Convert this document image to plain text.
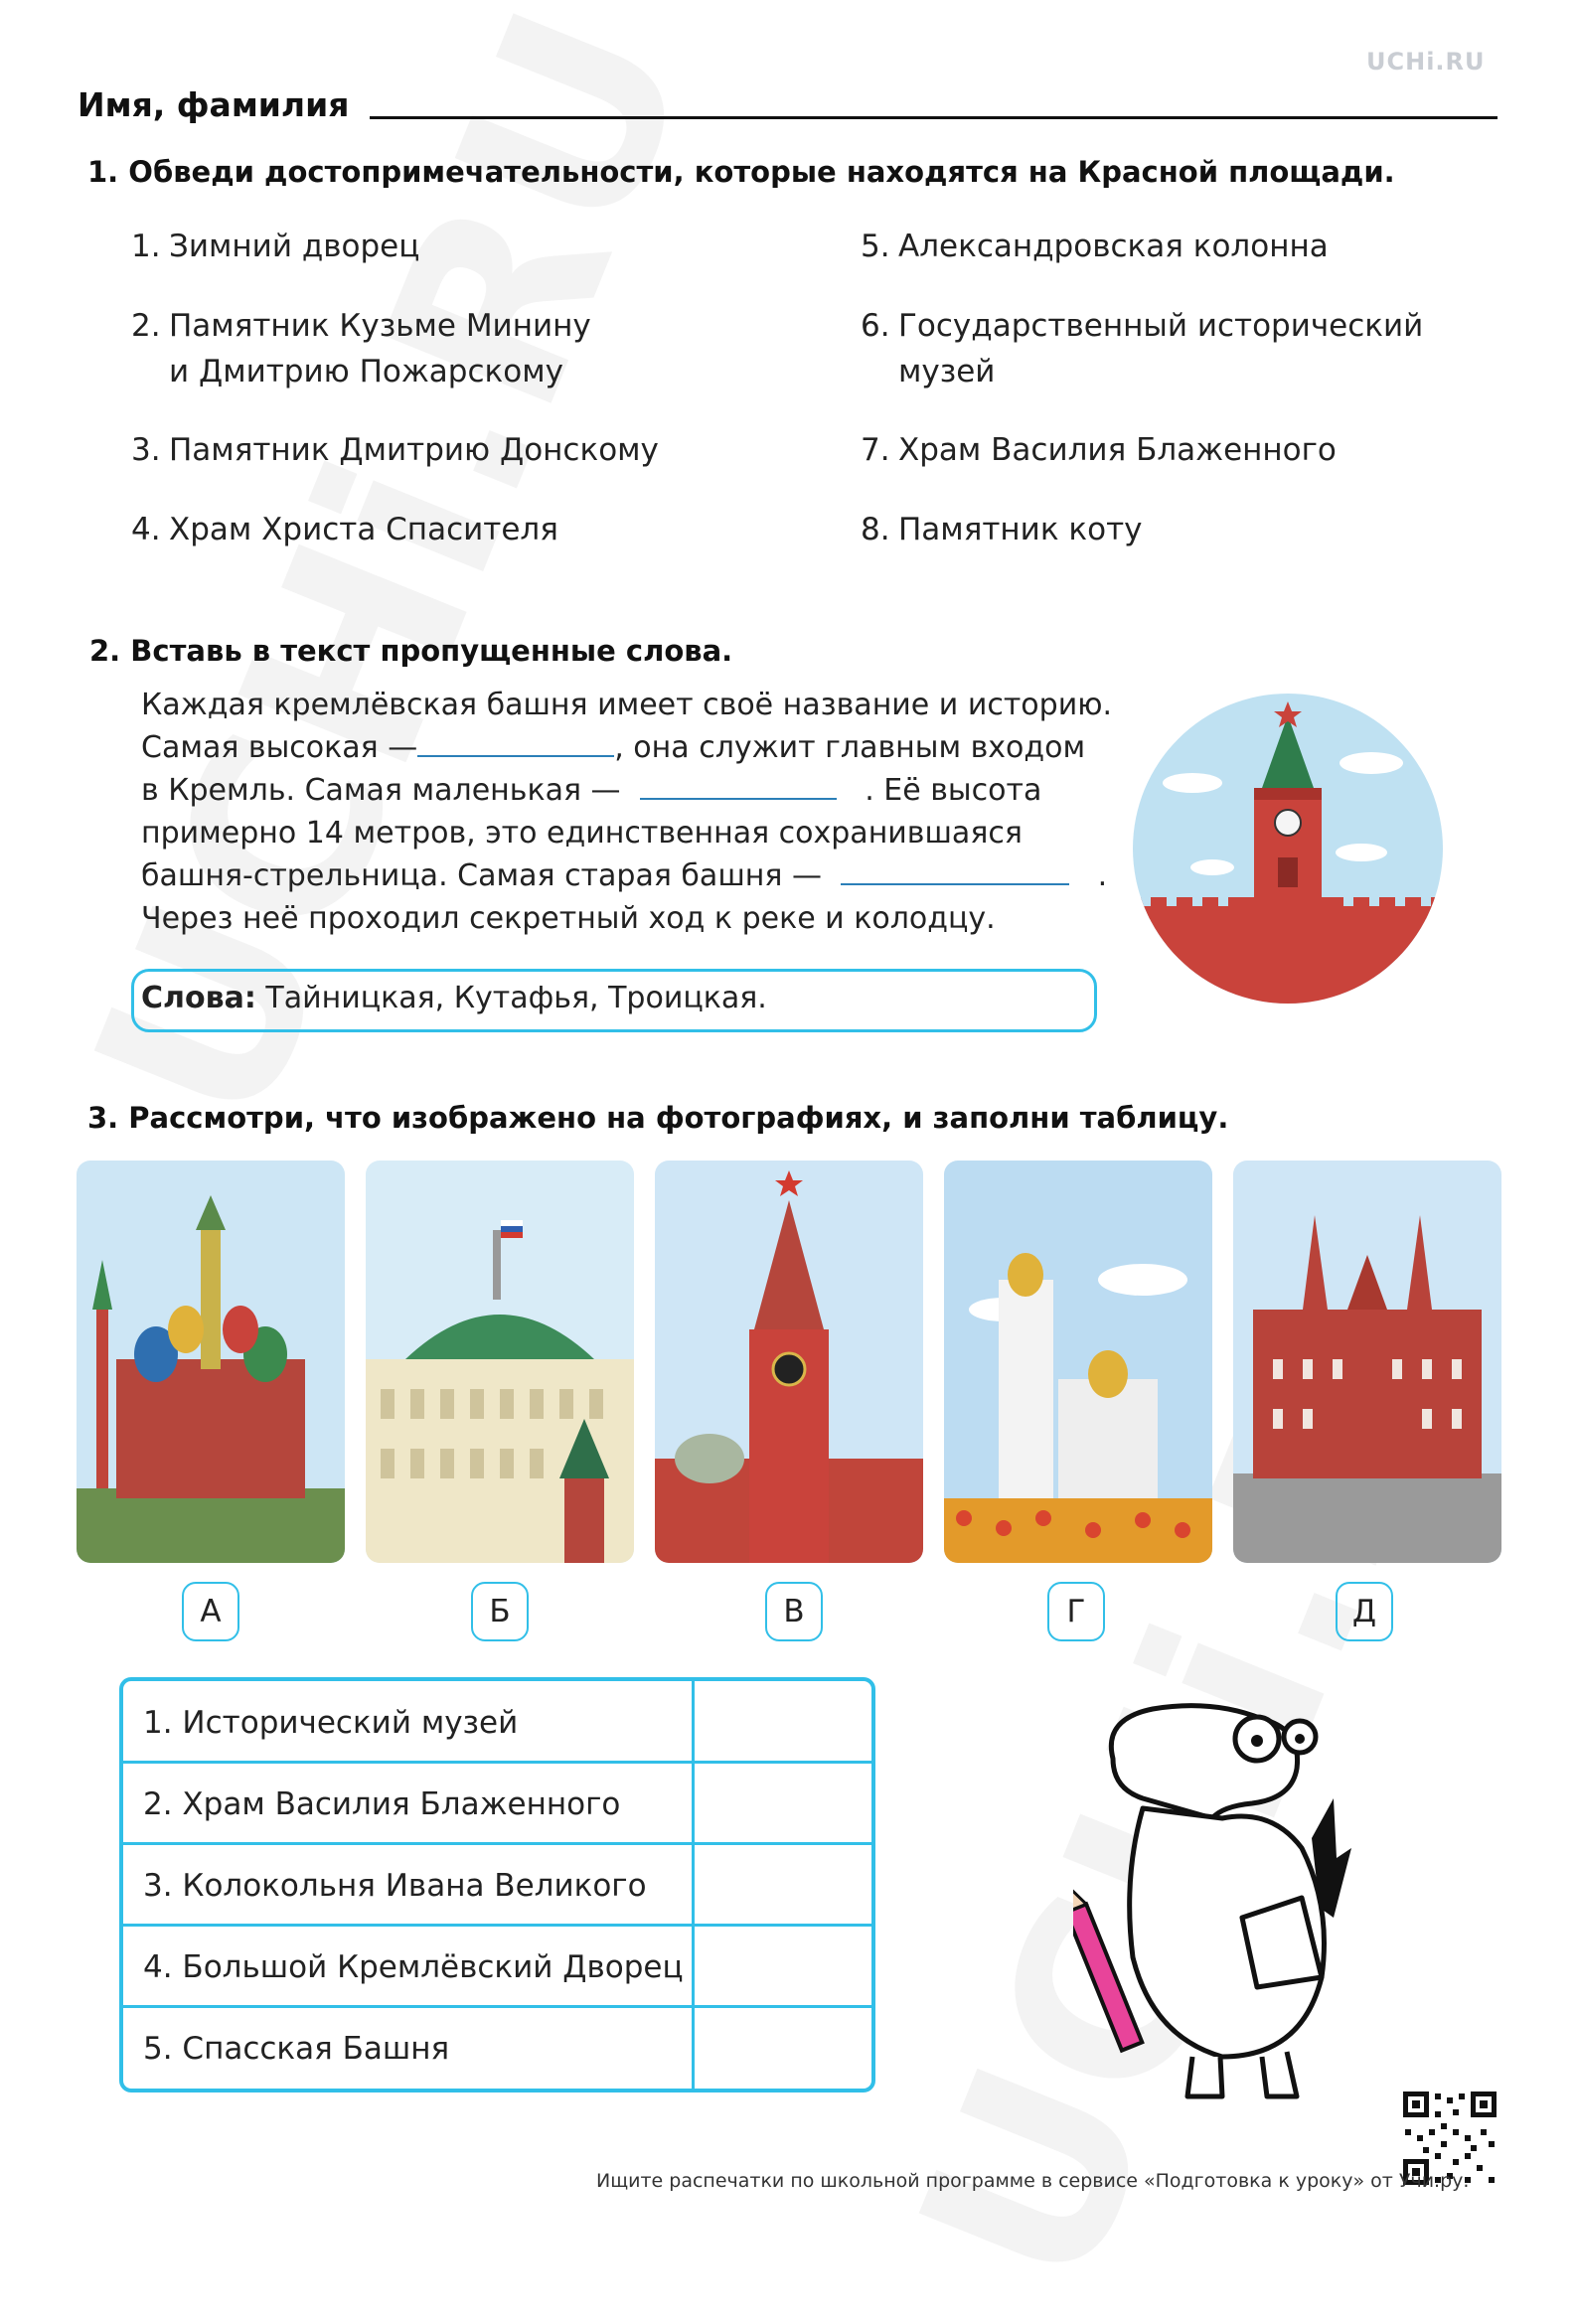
UCHi.RU
Имя, фамилия
1. Обведи достопримечательности, которые находятся на Красной площади.
1. Зимний дворец
2. Памятник Кузьме Минину
и Дмитрию Пожарскому
3. Памятник Дмитрию Донскому
4. Храм Христа Спасителя
5. Александровская колонна
6. Государственный исторический
музей
7. Храм Василия Блаженного
8. Памятник коту
2. Вставь в текст пропущенные слова.
Каждая кремлёвская башня имеет своё название и историю.
Самая высокая —	, она служит главным входом
в Кремль. Самая маленькая —	. Её высота
примерно 14 метров, это единственная сохранившаяся
башня-стрельница. Самая старая башня —	.
Через неё проходил секретный ход к реке и колодцу.
Слова: Тайницкая, Кутафья, Троицкая.
3. Рассмотри, что изображено на фотографиях, и заполни таблицу.
А	Б	В	Г	Д
1. Исторический музей
2. Храм Василия Блаженного
3. Колокольня Ивана Великого
4. Большой Кремлёвский Дворец
5. Спасская Башня
Ищите распечатки по школьной программе в сервисе «Подготовка к уроку» от Учи.ру.
